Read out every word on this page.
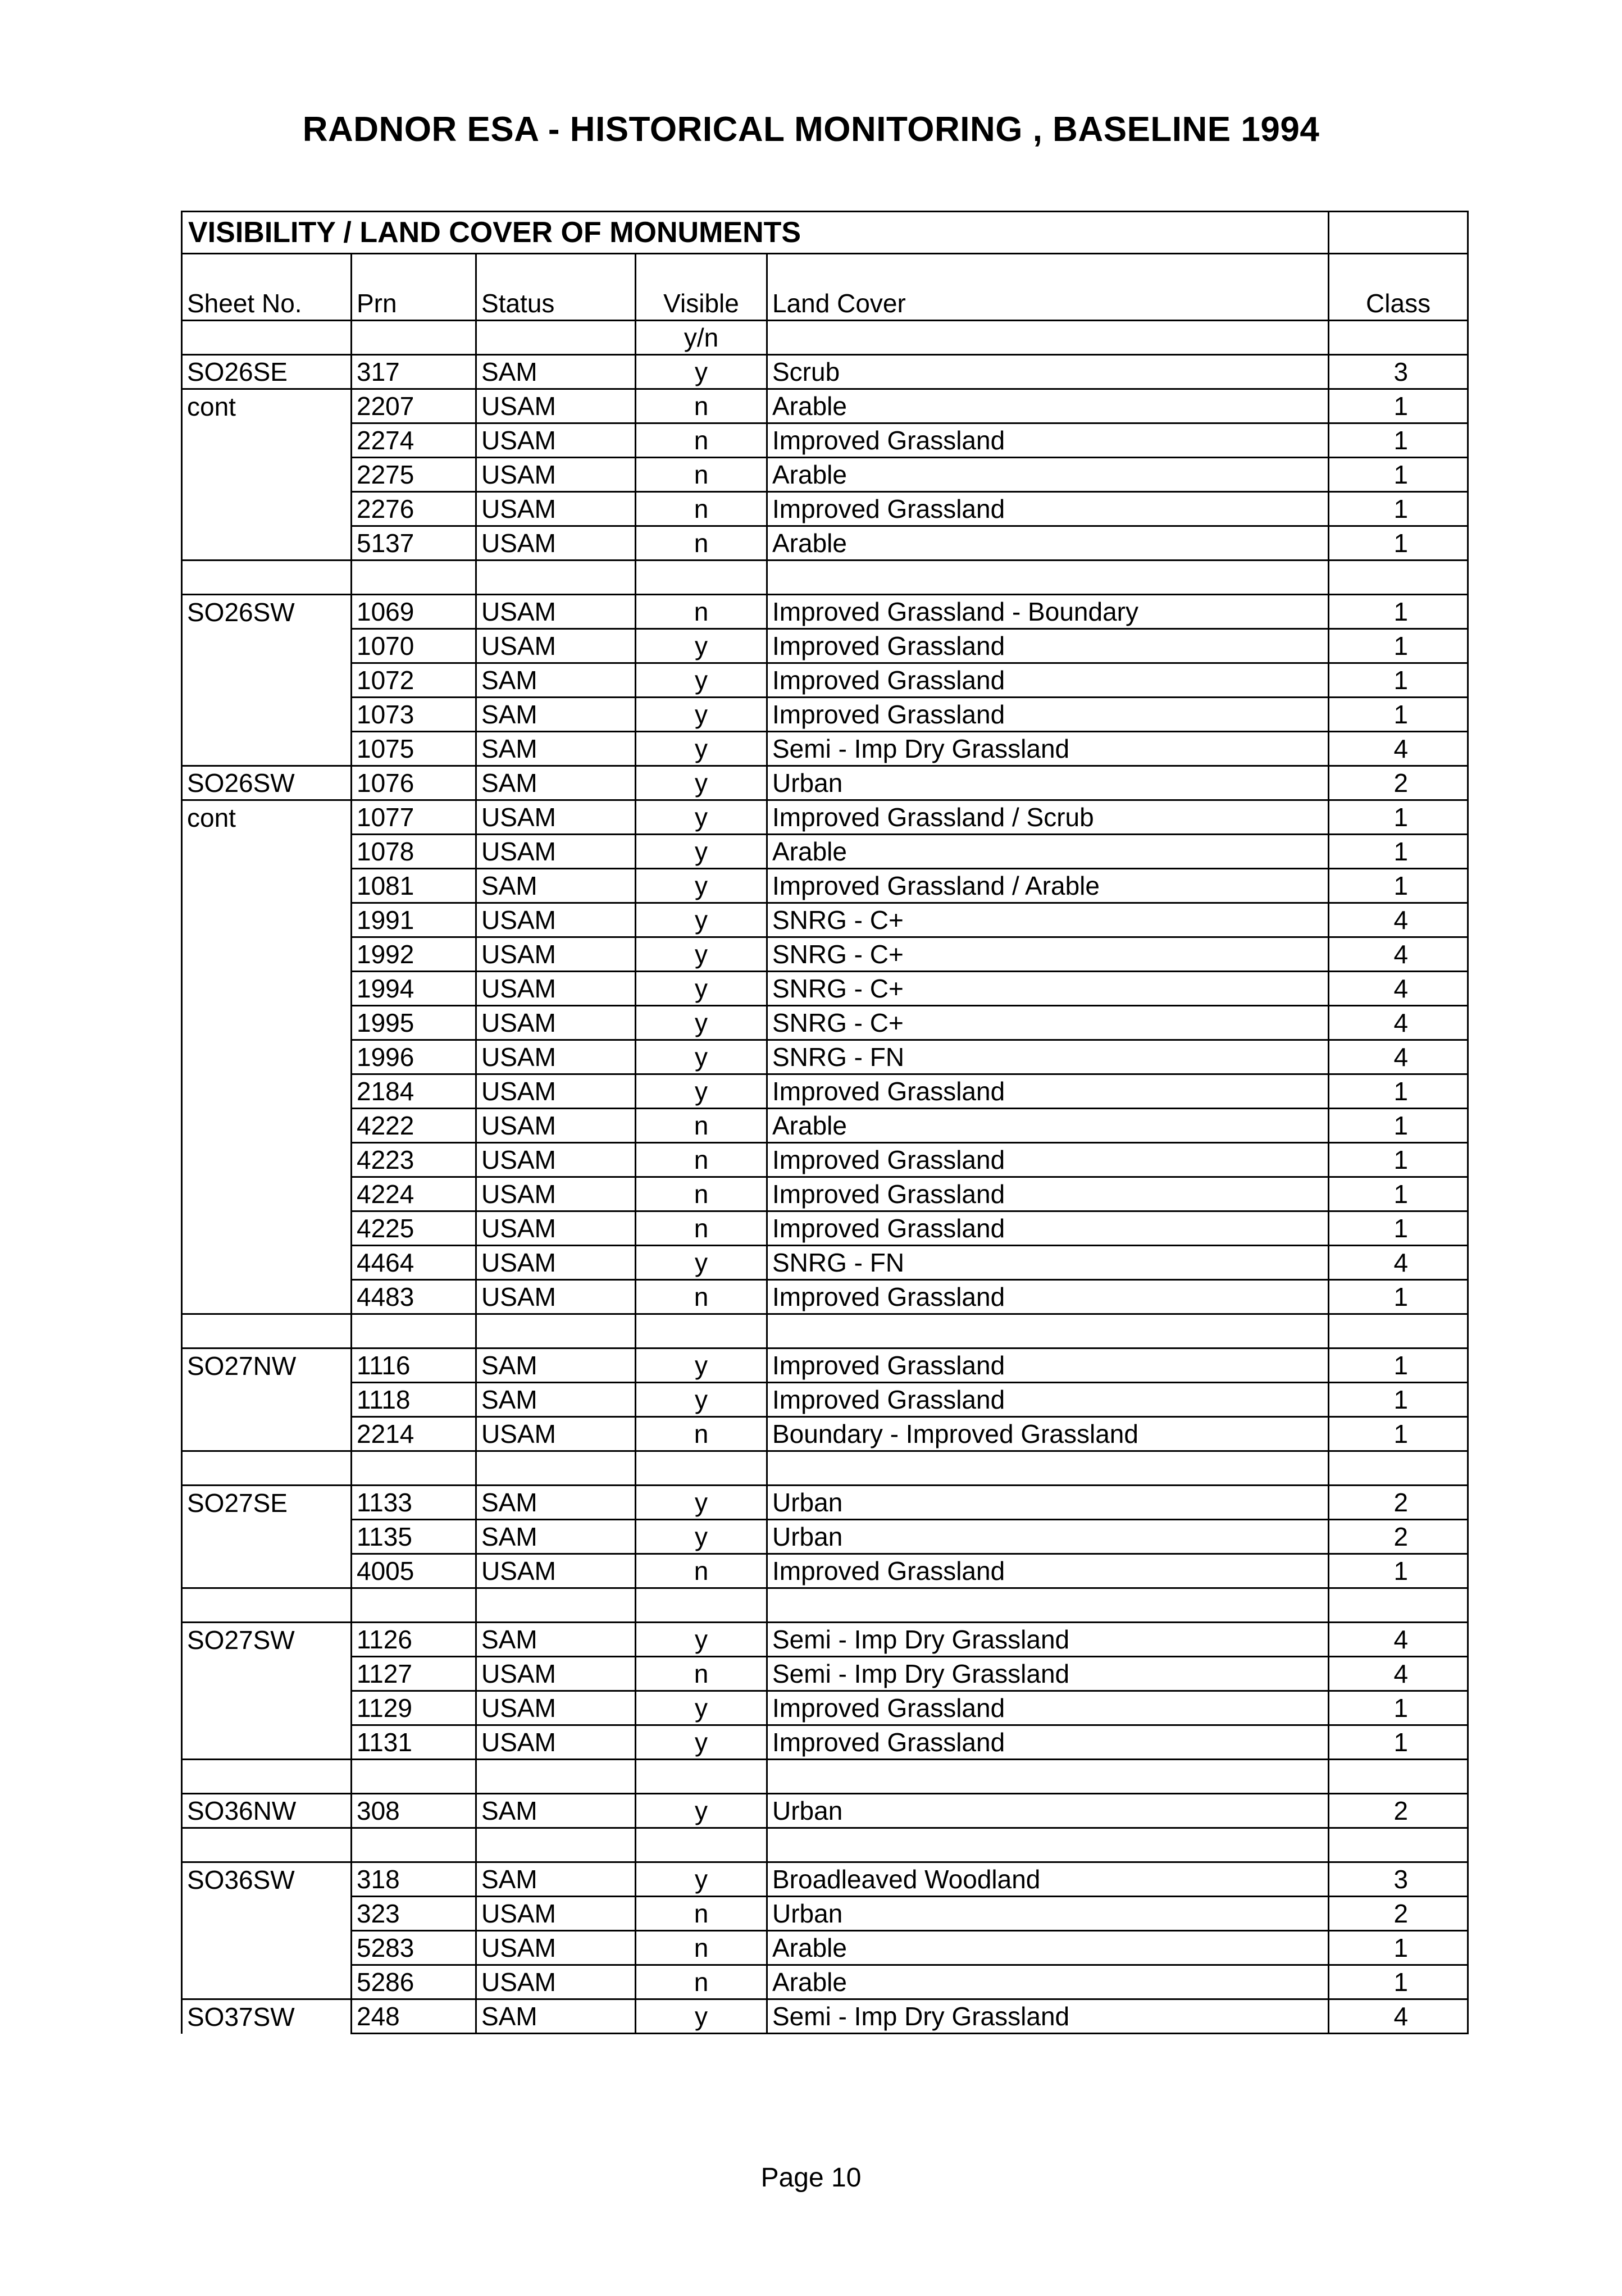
RADNOR ESA - HISTORICAL MONITORING , BASELINE 1994
VISIBILITY / LAND COVER OF MONUMENTS					

Sheet No.	Prn	Status	Visible	Land Cover	Class
			y/n		
SO26SE	317	SAM	y	Scrub	3
cont	2207	USAM	n	Arable	1
	2274	USAM	n	Improved Grassland	1
	2275	USAM	n	Arable	1
	2276	USAM	n	Improved Grassland	1
	5137	USAM	n	Arable	1

SO26SW	1069	USAM	n	Improved Grassland - Boundary	1
	1070	USAM	y	Improved Grassland	1
	1072	SAM	y	Improved Grassland	1
	1073	SAM	y	Improved Grassland	1
	1075	SAM	y	Semi - Imp Dry Grassland	4
SO26SW	1076	SAM	y	Urban	2
cont	1077	USAM	y	Improved Grassland / Scrub	1
	1078	USAM	y	Arable	1
	1081	SAM	y	Improved Grassland / Arable	1
	1991	USAM	y	SNRG - C+	4
	1992	USAM	y	SNRG - C+	4
	1994	USAM	y	SNRG - C+	4
	1995	USAM	y	SNRG - C+	4
	1996	USAM	y	SNRG - FN	4
	2184	USAM	y	Improved Grassland	1
	4222	USAM	n	Arable	1
	4223	USAM	n	Improved Grassland	1
	4224	USAM	n	Improved Grassland	1
	4225	USAM	n	Improved Grassland	1
	4464	USAM	y	SNRG - FN	4
	4483	USAM	n	Improved Grassland	1

SO27NW	1116	SAM	y	Improved Grassland	1
	1118	SAM	y	Improved Grassland	1
	2214	USAM	n	Boundary - Improved Grassland	1

SO27SE	1133	SAM	y	Urban	2
	1135	SAM	y	Urban	2
	4005	USAM	n	Improved Grassland	1

SO27SW	1126	SAM	y	Semi - Imp Dry Grassland	4
	1127	USAM	n	Semi - Imp Dry Grassland	4
	1129	USAM	y	Improved Grassland	1
	1131	USAM	y	Improved Grassland	1

SO36NW	308	SAM	y	Urban	2

SO36SW	318	SAM	y	Broadleaved Woodland	3
	323	USAM	n	Urban	2
	5283	USAM	n	Arable	1
	5286	USAM	n	Arable	1
SO37SW	248	SAM	y	Semi - Imp Dry Grassland	4
Page 10
